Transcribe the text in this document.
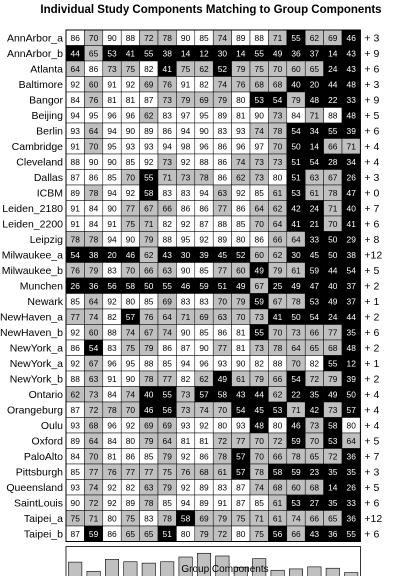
Individual Study Components Matching to Group Components
86 70 90 88 72 78 90 85 74 89 88 71 55 62 69 46
44 65 53 41 55 38 14 12 30 14 55 49 36 37 14 43
64 86 73 75 82 41 75 62 52 79 75 70 60 65 24 43
92 60 91 92 69 76 91 82 74 76 68 68 40 20 44 48
84 76 81 81 87 73 79 69 79 80 53 54 79 48 22 33
94 95 96 96 62 83 97 95 89 81 90 73 84 71 88 48
93 64 94 90 89 86 94 90 83 93 74 78 54 34 55 39
91 70 95 93 93 94 98 96 86 96 97 70 50 14 66 71
88 90 90 85 92 73 92 88 86 74 73 73 51 54 28 34
87 86 85 70 55 71 73 78 86 62 73 80 51 63 67 26
89 78 94 92 58 83 83 94 63 92 85 61 53 61 78 47
91 84 90 77 67 66 86 86 77 86 64 62 42 24 71 40
91 84 91 75 71 82 92 87 88 85 70 64 41 21 70 41
78 78 94 90 79 88 95 92 89 80 86 66 64 33 50 29
54 38 20 46 62 43 30 39 45 52 60 62 30 45 50 38
76 79 83 70 66 63 90 85 77 60 49 79 61 59 44 54
26 36 56 58 50 55 46 59 51 49 67 25 49 47 40 37
85 64 92 80 85 69 83 83 70 79 59 67 78 53 49 37
77 74 82 57 76 64 71 69 63 70 73 41 50 54 24 44
92 60 88 74 67 74 90 85 86 81 55 70 73 66 77 35
86 54 83 75 79 86 87 90 77 81 73 78 64 65 68 48
92 67 96 95 88 85 94 96 93 90 82 88 70 82 55 12
88 63 91 90 78 77 82 62 49 61 79 66 54 72 79 39
62 73 84 74 40 55 73 57 58 43 44 62 22 35 49 50
87 72 78 70 46 56 73 74 70 54 45 53 71 42 73 57
93 68 96 92 69 69 93 92 80 93 48 80 46 73 58 80
89 64 84 80 79 64 81 81 72 77 70 72 59 70 53 64
84 70 81 86 85 79 92 86 78 57 70 66 78 65 72 36
85 77 76 77 77 75 76 68 61 57 78 58 59 23 35 35
93 74 92 82 63 79 92 89 83 87 74 68 60 68 14 26
90 72 92 89 78 85 94 89 91 87 85 61 53 27 35 33
75 71 80 75 83 78 58 69 79 75 71 61 74 66 65 36
87 59 86 65 65 51 80 79 72 80 75 56 66 43 36 55
AnnArbor_a
AnnArbor_b
Atlanta
Baltimore
Bangor
Beijing
Berlin
Cambridge
Cleveland
Dallas
ICBM
Leiden_2180
Leiden_2200
Leipzig
Milwaukee_a
Milwaukee_b
Munchen
Newark
NewHaven_a
NewHaven_b
NewYork_a
NewYork_a
NewYork_b
Ontario
Orangeburg
Oulu
Oxford
PaloAlto
Pittsburgh
Queensland
SaintLouis
Taipei_a
Taipei_b
+ 3
+ 9
+ 6
+ 3
+ 9
+ 5
+ 6
+ 4
+ 4
+ 3
+ 0
+ 7
+ 6
+ 8
+12
+ 5
+ 2
+ 1
+ 2
+ 6
+ 2
+ 1
+ 2
+ 4
+ 4
+ 4
+ 5
+ 7
+ 3
+ 5
+ 6
+12
+ 6
Group Components
